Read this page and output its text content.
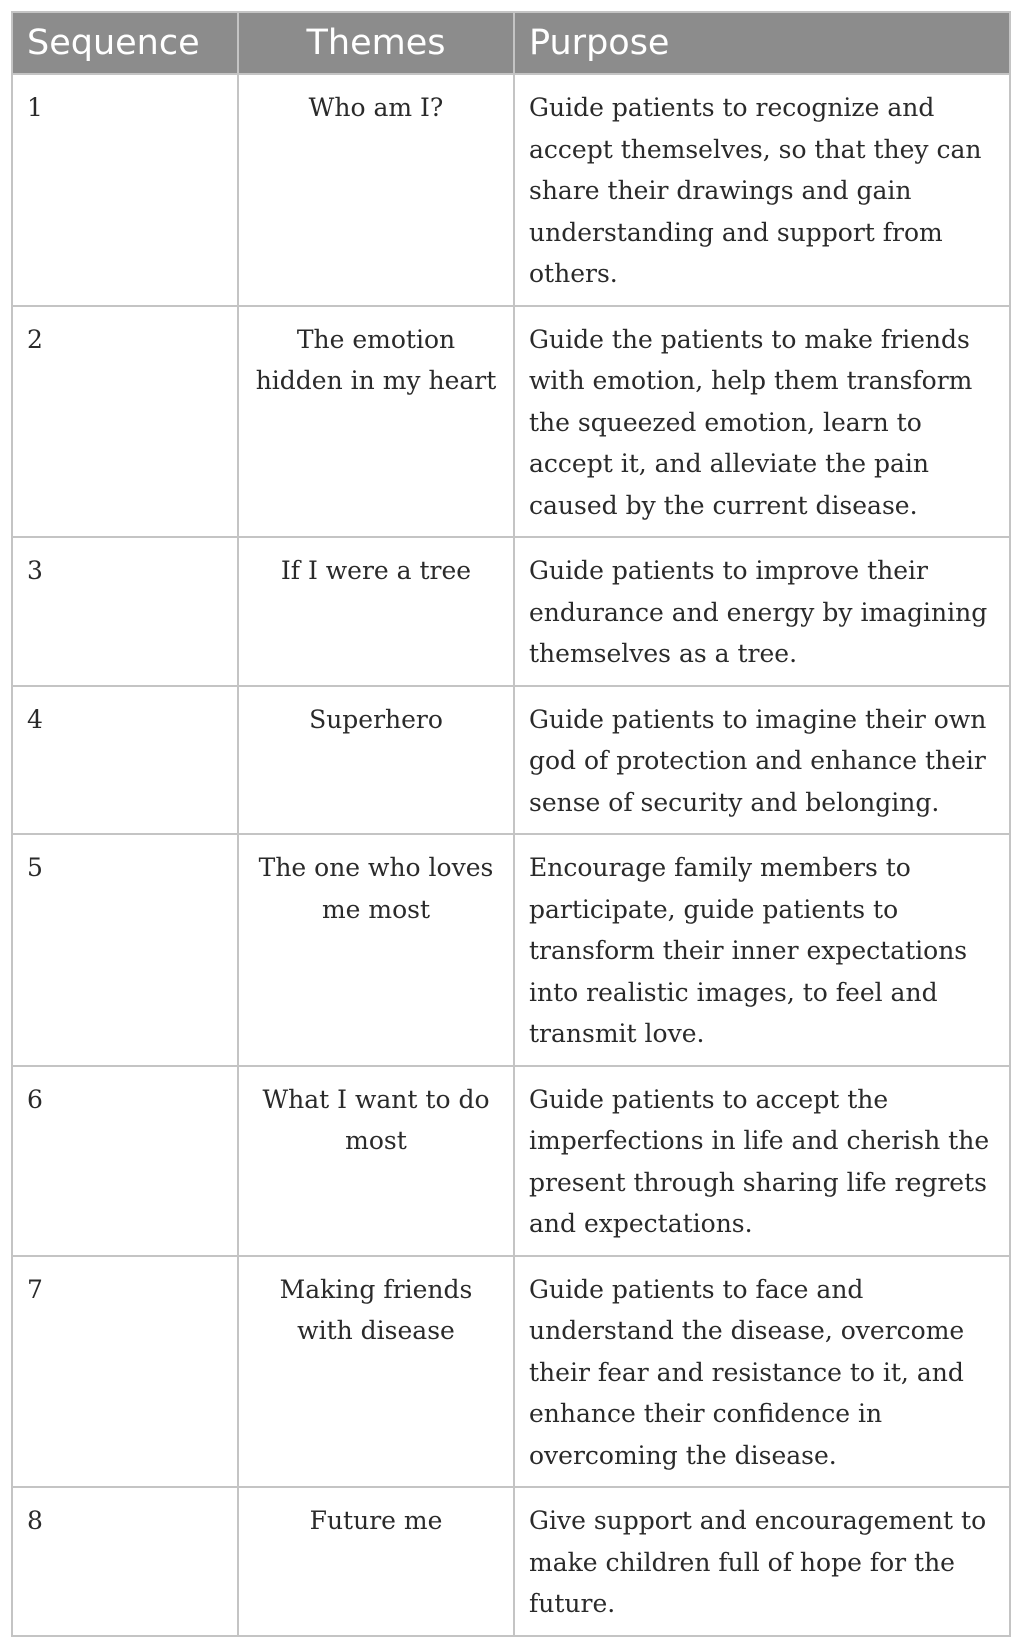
Sequence	Themes	Purpose
1	Who am I?	Guide patients to recognize and accept themselves, so that they can share their drawings and gain understanding and support from others.
2	The emotion hidden in my heart	Guide the patients to make friends with emotion, help them transform the squeezed emotion, learn to accept it, and alleviate the pain caused by the current disease.
3	If I were a tree	Guide patients to improve their endurance and energy by imagining themselves as a tree.
4	Superhero	Guide patients to imagine their own god of protection and enhance their sense of security and belonging.
5	The one who loves me most	Encourage family members to participate, guide patients to transform their inner expectations into realistic images, to feel and transmit love.
6	What I want to do most	Guide patients to accept the imperfections in life and cherish the present through sharing life regrets and expectations.
7	Making friends with disease	Guide patients to face and understand the disease, overcome their fear and resistance to it, and enhance their confidence in overcoming the disease.
8	Future me	Give support and encouragement to make children full of hope for the future.
